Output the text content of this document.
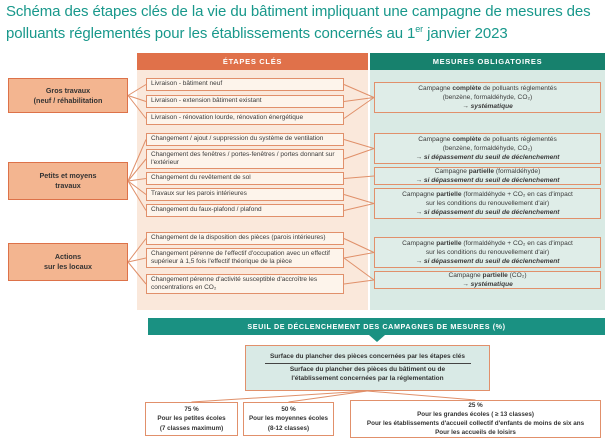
Schéma des étapes clés de la vie du bâtiment impliquant une campagne de mesures des polluants réglementés pour les établissements concernés au 1er janvier 2023
ÉTAPES CLÉS	MESURES OBLIGATOIRES
Gros travaux
(neuf / réhabilitation
Petits et moyens
travaux
Actions
sur les locaux
Livraison - bâtiment neuf
Livraison - extension bâtiment existant
Livraison - rénovation lourde, rénovation énergétique
Changement / ajout / suppression du système de ventilation
Changement des fenêtres / portes-fenêtres / portes donnant sur l'extérieur
Changement du revêtement de sol
Travaux sur les parois intérieures
Changement du faux-plafond / plafond
Changement de la disposition des pièces (parois intérieures)
Changement pérenne de l'effectif d'occupation avec un effectif supérieur à 1,5 fois l'effectif théorique de la pièce
Changement pérenne d'activité susceptible d'accroître les concentrations en CO₂
Campagne complète de polluants réglementés
(benzène, formaldéhyde, CO₂)
→ systématique
Campagne complète de polluants réglementés
(benzène, formaldéhyde, CO₂)
→ si dépassement du seuil de déclenchement
Campagne partielle (formaldéhyde)
→ si dépassement du seuil de déclenchement
Campagne partielle (formaldéhyde + CO₂ en cas d'impact
sur les conditions du renouvellement d'air)
→ si dépassement du seuil de déclenchement
Campagne partielle (formaldéhyde + CO₂ en cas d'impact
sur les conditions du renouvellement d'air)
→ si dépassement du seuil de déclenchement
Campagne partielle (CO₂)
→ systématique
SEUIL DE DÉCLENCHEMENT DES CAMPAGNES DE MESURES (%)
Surface du plancher des pièces concernées par les étapes clés
Surface du plancher des pièces du bâtiment ou de l'établissement concernées par la réglementation
75 %
Pour les petites écoles
(7 classes maximum)
50 %
Pour les moyennes écoles
(8-12 classes)
25 %
Pour les grandes écoles ( ≥ 13 classes)
Pour les établissements d'accueil collectif d'enfants de moins de six ans
Pour les accueils de loisirs
